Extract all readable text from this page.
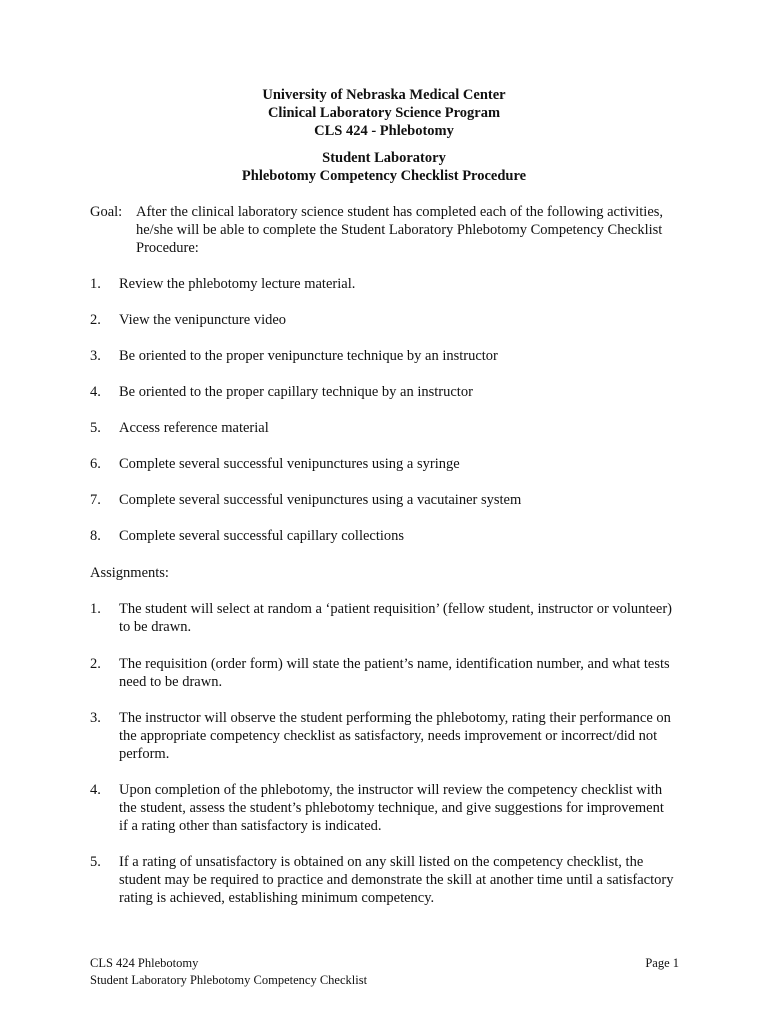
University of Nebraska Medical Center
Clinical Laboratory Science Program
CLS 424 - Phlebotomy
Student Laboratory
Phlebotomy Competency Checklist Procedure
Goal: After the clinical laboratory science student has completed each of the following activities, he/she will be able to complete the Student Laboratory Phlebotomy Competency Checklist Procedure:
1.	Review the phlebotomy lecture material.
2.	View the venipuncture video
3.	Be oriented to the proper venipuncture technique by an instructor
4.	Be oriented to the proper capillary technique by an instructor
5.	Access reference material
6.	Complete several successful venipunctures using a syringe
7.	Complete several successful venipunctures using a vacutainer system
8.	Complete several successful capillary collections
Assignments:
1.	The student will select at random a ‘patient requisition’ (fellow student, instructor or volunteer) to be drawn.
2.	The requisition (order form) will state the patient’s name, identification number, and what tests need to be drawn.
3.	The instructor will observe the student performing the phlebotomy, rating their performance on the appropriate competency checklist as satisfactory, needs improvement or incorrect/did not perform.
4.	Upon completion of the phlebotomy, the instructor will review the competency checklist with the student, assess the student’s phlebotomy technique, and give suggestions for improvement if a rating other than satisfactory is indicated.
5.	If a rating of unsatisfactory is obtained on any skill listed on the competency checklist, the student may be required to practice and demonstrate the skill at another time until a satisfactory rating is achieved, establishing minimum competency.
CLS 424 Phlebotomy
Student Laboratory Phlebotomy Competency Checklist
Page 1
